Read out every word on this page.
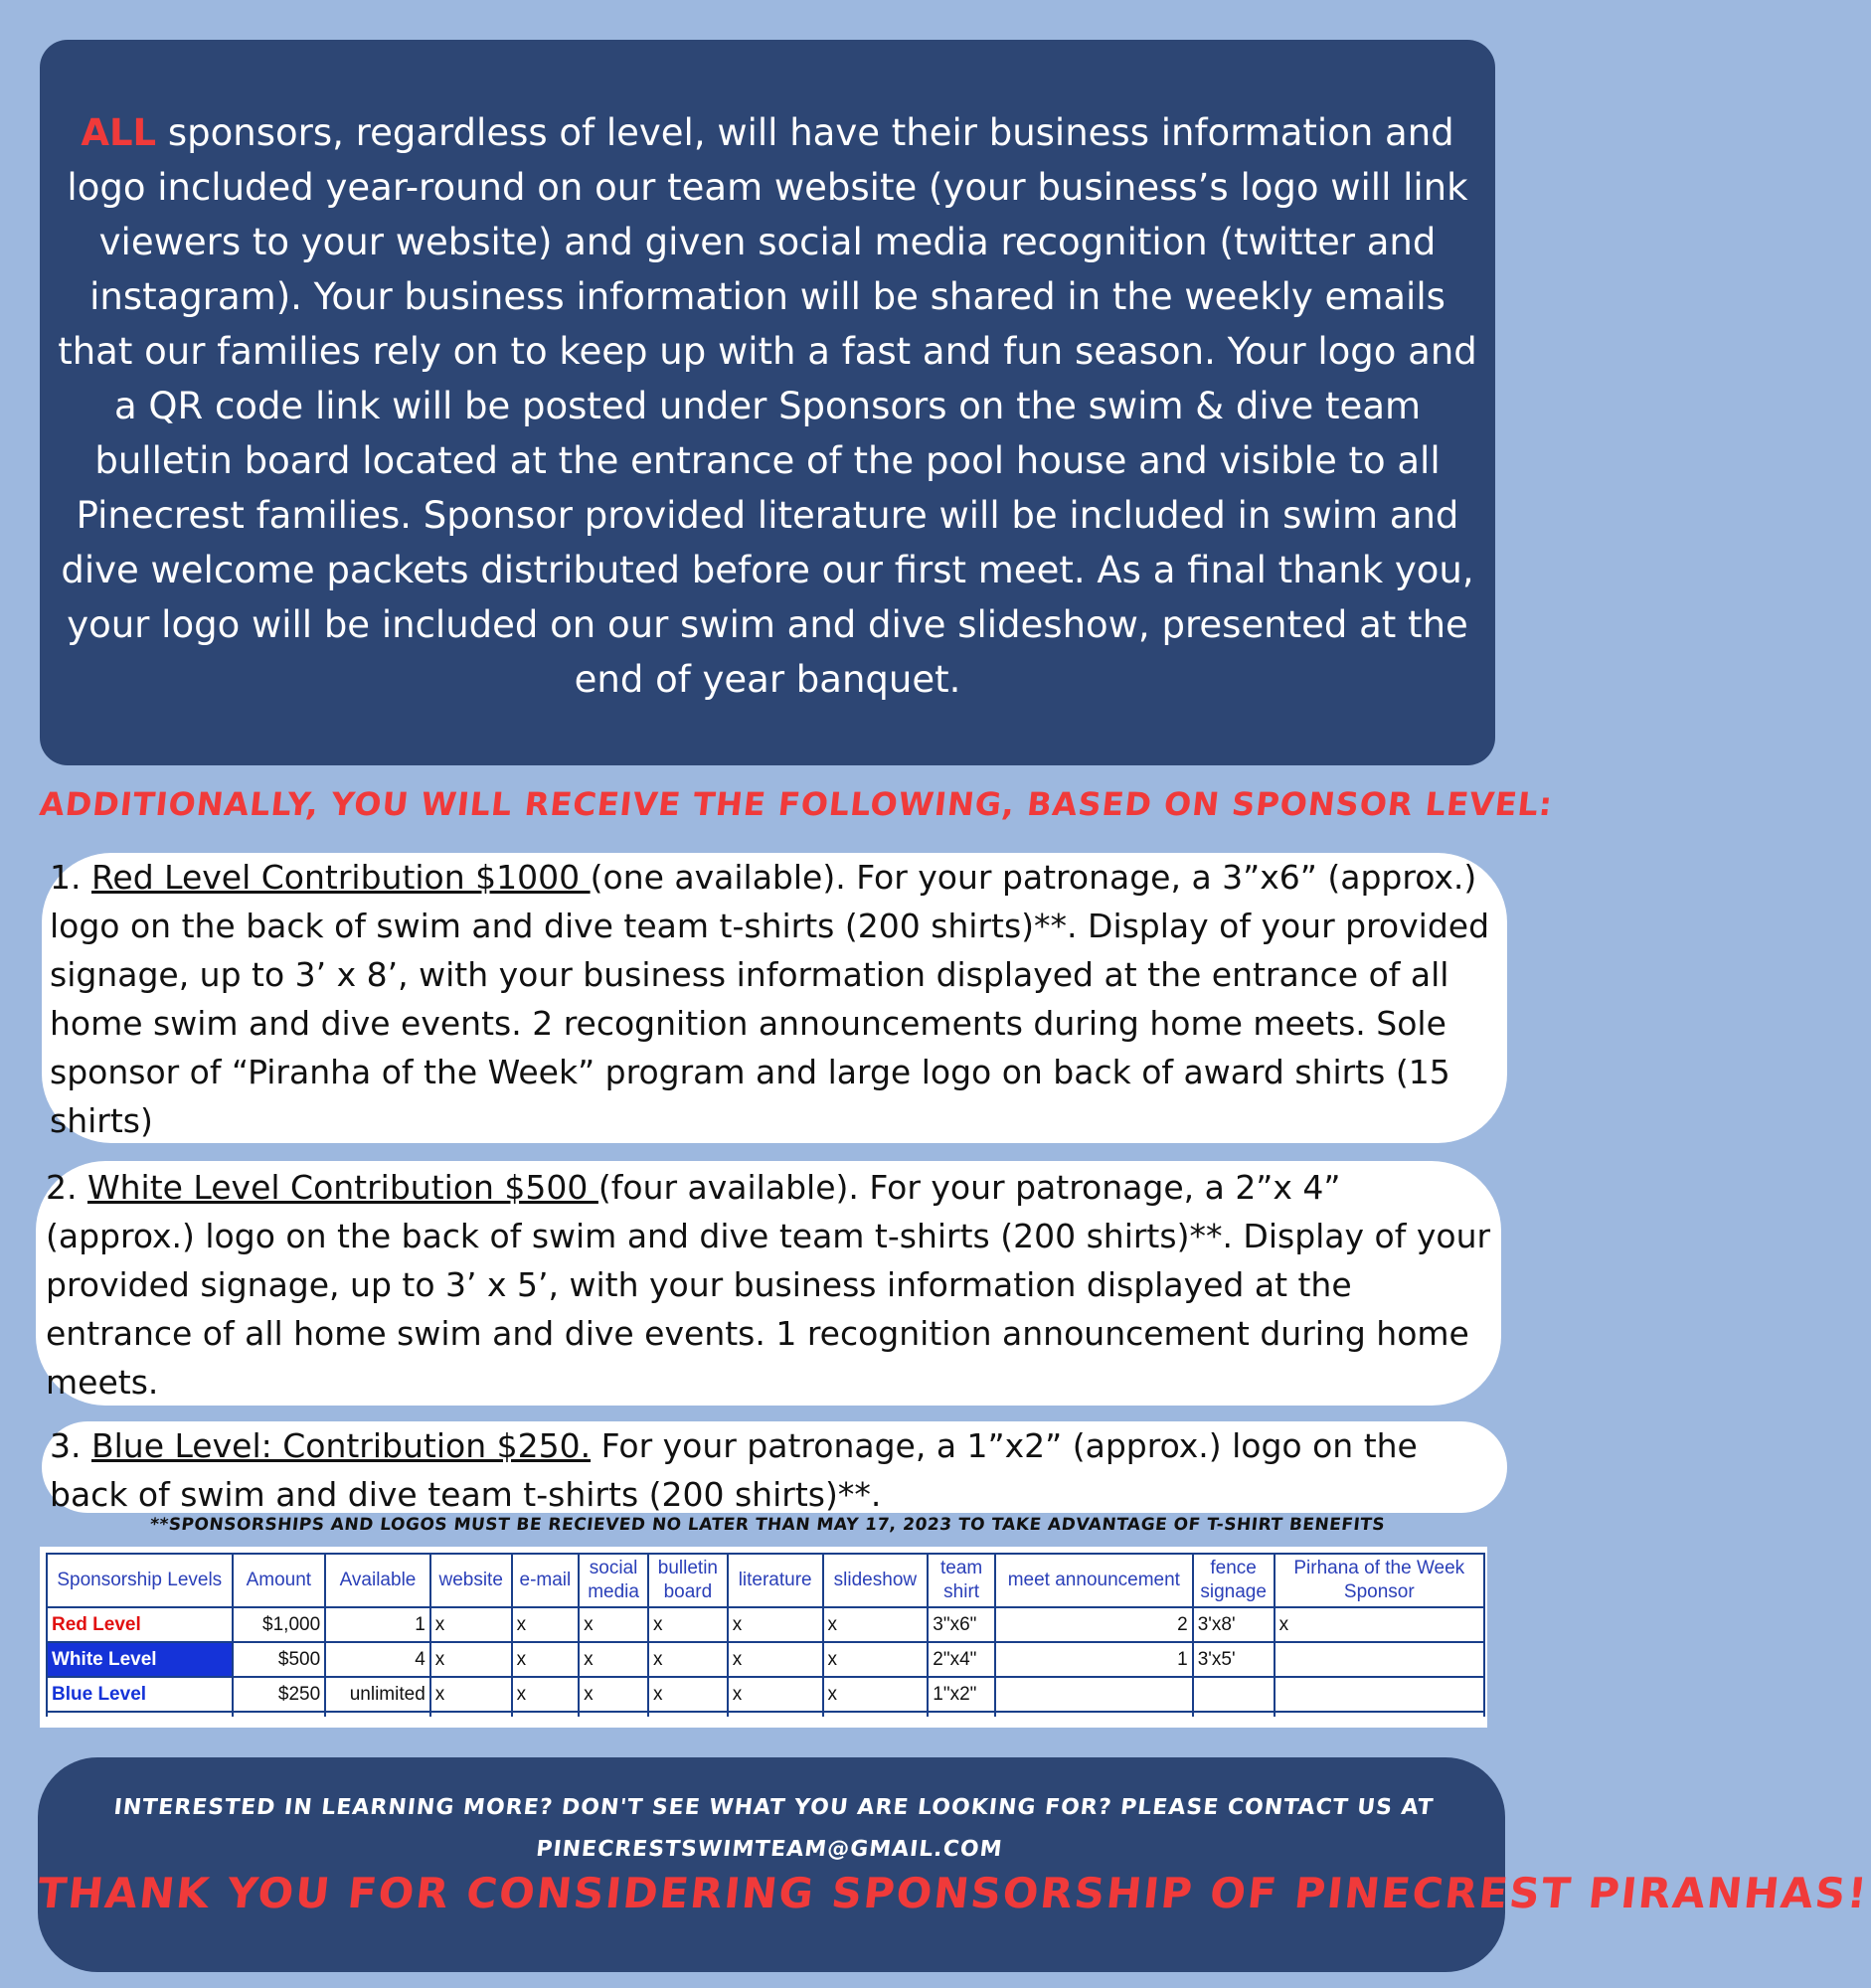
ALL sponsors, regardless of level, will have their business information and logo included year-round on our team website (your business’s logo will link viewers to your website) and given social media recognition (twitter and instagram). Your business information will be shared in the weekly emails that our families rely on to keep up with a fast and fun season. Your logo and a QR code link will be posted under Sponsors on the swim & dive team bulletin board located at the entrance of the pool house and visible to all Pinecrest families. Sponsor provided literature will be included in swim and dive welcome packets distributed before our first meet. As a final thank you, your logo will be included on our swim and dive slideshow, presented at the end of year banquet.
ADDITIONALLY, YOU WILL RECEIVE THE FOLLOWING, BASED ON SPONSOR LEVEL:
1. Red Level Contribution $1000 (one available). For your patronage, a 3”x6” (approx.) logo on the back of swim and dive team t-shirts (200 shirts)**. Display of your provided signage, up to 3’ x 8’, with your business information displayed at the entrance of all home swim and dive events. 2 recognition announcements during home meets. Sole sponsor of “Piranha of the Week” program and large logo on back of award shirts (15 shirts)
2. White Level Contribution $500 (four available). For your patronage, a 2”x 4” (approx.) logo on the back of swim and dive team t-shirts (200 shirts)**. Display of your provided signage, up to 3’ x 5’, with your business information displayed at the entrance of all home swim and dive events. 1 recognition announcement during home meets.
3. Blue Level: Contribution $250. For your patronage, a 1”x2” (approx.) logo on the back of swim and dive team t-shirts (200 shirts)**.
**SPONSORSHIPS AND LOGOS MUST BE RECIEVED NO LATER THAN MAY 17, 2023 TO TAKE ADVANTAGE OF T-SHIRT BENEFITS
Sponsorship Levels	Amount	Available	website	e-mail	social media	bulletin board	literature	slideshow	team shirt	meet announcement	fence signage	Pirhana of the Week Sponsor
Red Level	$1,000	1	x	x	x	x	x	x	3"x6"	2	3'x8'	x
White Level	$500	4	x	x	x	x	x	x	2"x4"	1	3'x5'	
Blue Level	$250	unlimited	x	x	x	x	x	x	1"x2"			

INTERESTED IN LEARNING MORE? DON'T SEE WHAT YOU ARE LOOKING FOR? PLEASE CONTACT US AT
PINECRESTSWIMTEAM@GMAIL.COM
THANK YOU FOR CONSIDERING SPONSORSHIP OF PINECREST PIRANHAS!
